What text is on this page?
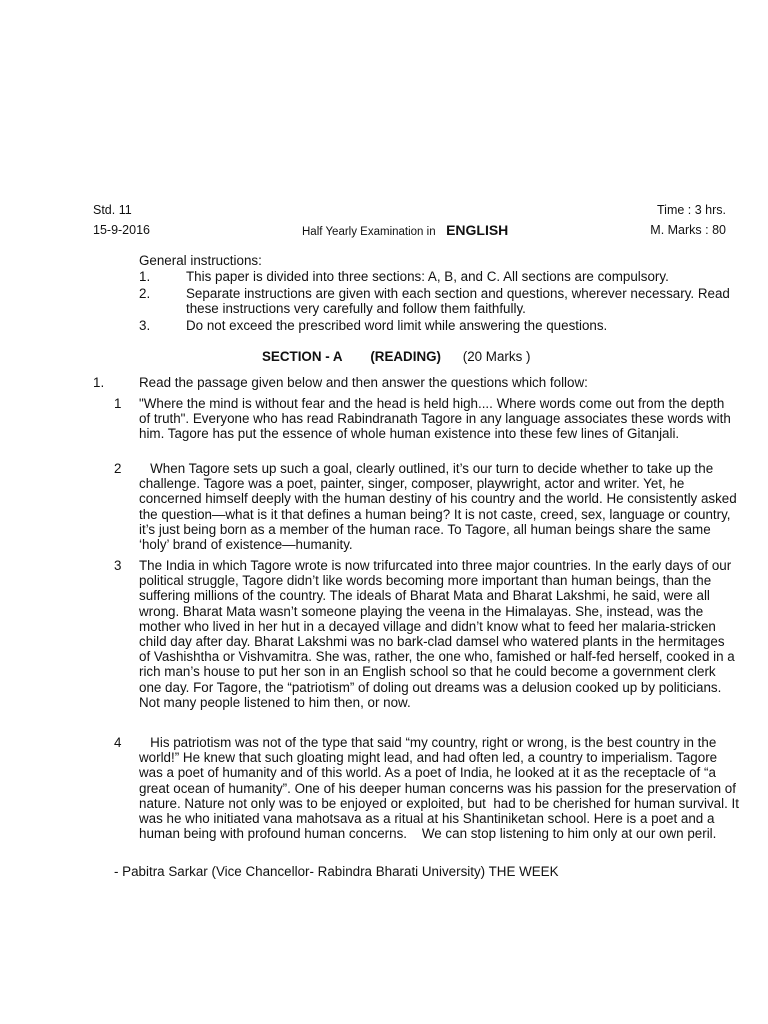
Std. 11	Time : 3 hrs.
15-9-2016	Half Yearly Examination in ENGLISH	M. Marks : 80
General instructions:
1.	This paper is divided into three sections: A, B, and C. All sections are compulsory.
2.	Separate instructions are given with each section and questions, wherever necessary. Read these instructions very carefully and follow them faithfully.
3.	Do not exceed the prescribed word limit while answering the questions.
SECTION - A (READING) (20 Marks )
1.	Read the passage given below and then answer the questions which follow:
1 "Where the mind is without fear and the head is held high.... Where words come out from the depth of truth". Everyone who has read Rabindranath Tagore in any language associates these words with him. Tagore has put the essence of whole human existence into these few lines of Gitanjali.
2 When Tagore sets up such a goal, clearly outlined, it’s our turn to decide whether to take up the challenge. Tagore was a poet, painter, singer, composer, playwright, actor and writer. Yet, he concerned himself deeply with the human destiny of his country and the world. He consistently asked the question—what is it that defines a human being? It is not caste, creed, sex, language or country, it’s just being born as a member of the human race. To Tagore, all human beings share the same ‘holy’ brand of existence—humanity.
3 The India in which Tagore wrote is now trifurcated into three major countries. In the early days of our political struggle, Tagore didn’t like words becoming more important than human beings, than the suffering millions of the country. The ideals of Bharat Mata and Bharat Lakshmi, he said, were all wrong. Bharat Mata wasn’t someone playing the veena in the Himalayas. She, instead, was the mother who lived in her hut in a decayed village and didn’t know what to feed her malaria-stricken child day after day. Bharat Lakshmi was no bark-clad damsel who watered plants in the hermitages of Vashishtha or Vishvamitra. She was, rather, the one who, famished or half-fed herself, cooked in a rich man’s house to put her son in an English school so that he could become a government clerk one day. For Tagore, the “patriotism” of doling out dreams was a delusion cooked up by politicians. Not many people listened to him then, or now.
4 His patriotism was not of the type that said “my country, right or wrong, is the best country in the world!” He knew that such gloating might lead, and had often led, a country to imperialism. Tagore was a poet of humanity and of this world. As a poet of India, he looked at it as the receptacle of “a great ocean of humanity”. One of his deeper human concerns was his passion for the preservation of nature. Nature not only was to be enjoyed or exploited, but  had to be cherished for human survival. It was he who initiated vana mahotsava as a ritual at his Shantiniketan school. Here is a poet and a human being with profound human concerns.    We can stop listening to him only at our own peril.
- Pabitra Sarkar (Vice Chancellor- Rabindra Bharati University) THE WEEK
